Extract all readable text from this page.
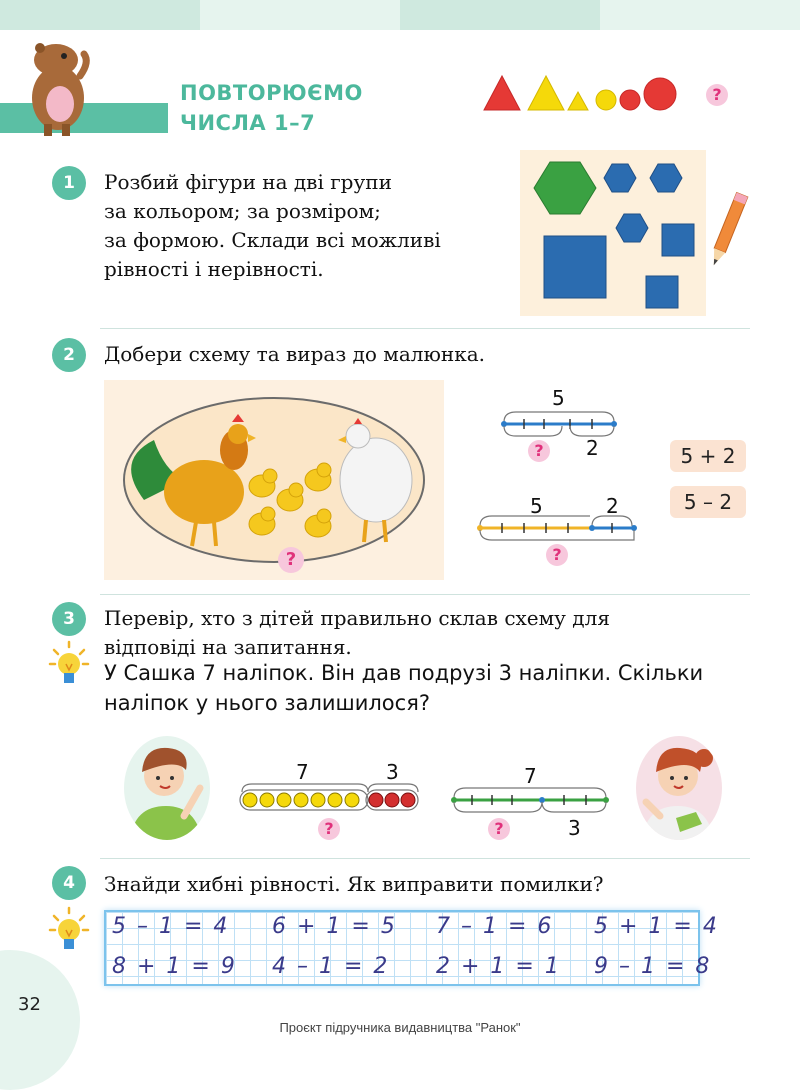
ПОВТОРЮЄМО
ЧИСЛА 1–7
?
1	Розбий фігури на дві групи
за кольором; за розміром;
за формою. Склади всі можливі
рівності і нерівності.
2	Добери схему та вираз до малюнка.
?
5
2
?
5	2
?
5 + 2
5 – 2
3	Перевір, хто з дітей правильно склав схему для
відповіді на запитання.
У Сашка 7 наліпок. Він дав подрузі 3 наліпки. Скільки
наліпок у нього залишилося?
7	3
?
7
3
?
4	Знайди хибні рівності. Як виправити помилки?
5 – 1 = 4 6 + 1 = 5 7 – 1 = 6 5 + 1 = 4
8 + 1 = 9 4 – 1 = 2 2 + 1 = 1 9 – 1 = 8
32
Проєкт підручника видавництва "Ранок"
